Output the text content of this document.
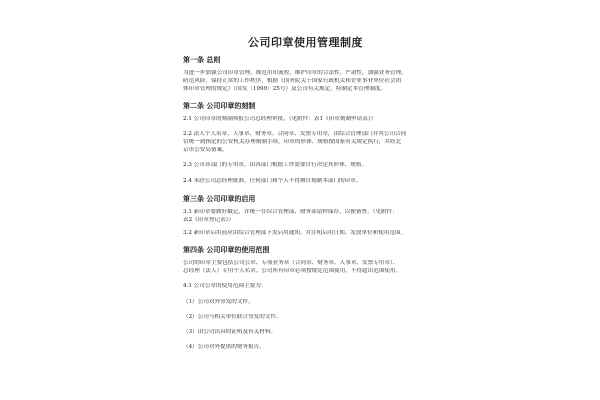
公司印章使用管理制度
第一条 总则
为进一步加强公司印章管理，规范用印流程，维护印章的合法性、严肃性，加强业务管理，
防范风险，保持正常的工作秩序，根据《国务院关于国家行政机关和企业事业单位社会团
体印章管理的规定》（国发〔1999〕25号）及公司有关规定，特制定本管理制度。
第二条 公司印章的刻制
2.1 公司印章的刻制须报公司总经理审批。（见附件：表1《印章刻制申请表》）
2.2 法人个人名章、人事章、财务章、合同章、发票专用章，由综合管理部门并其公司合同
信统一到指定的公安机关办理刻制手续，印章的形体、规格按国家有关规定执行，并经北
京市公安局备案。
2.3 公司各部门的专用章，由各部门根据工作需要自行决定其形体、规格。
2.4 未经公司总经理批准，任何部门和个人不得擅自刻制本部门的印章。
第三条 公司印章的启用
3.1 新印章要做好戳记，并统一在综合管理部、财务部留样保存，以便备查。（见附件：
表2《印章登记表》）
3.2 新印章启用前应由综合管理部下发启用通知，并注明启用日期、发放单位和使用范围。
第四条 公司印章的使用范围
公司的印章主要包括公司公章、专项业务章（合同章、财务章、人事章、发票专用章）、
总经理（法人）专用个人名章。公司所有印章必须按规定范围使用，不得超出范围使用。
4.1 公司公章的使用范围主要为：
（1）公司对外签发的文件。
（2）公司与相关单位联合签发的文件。
（3）由公司出具的证明及有关材料。
（4）公司对外提供的财务报告。
